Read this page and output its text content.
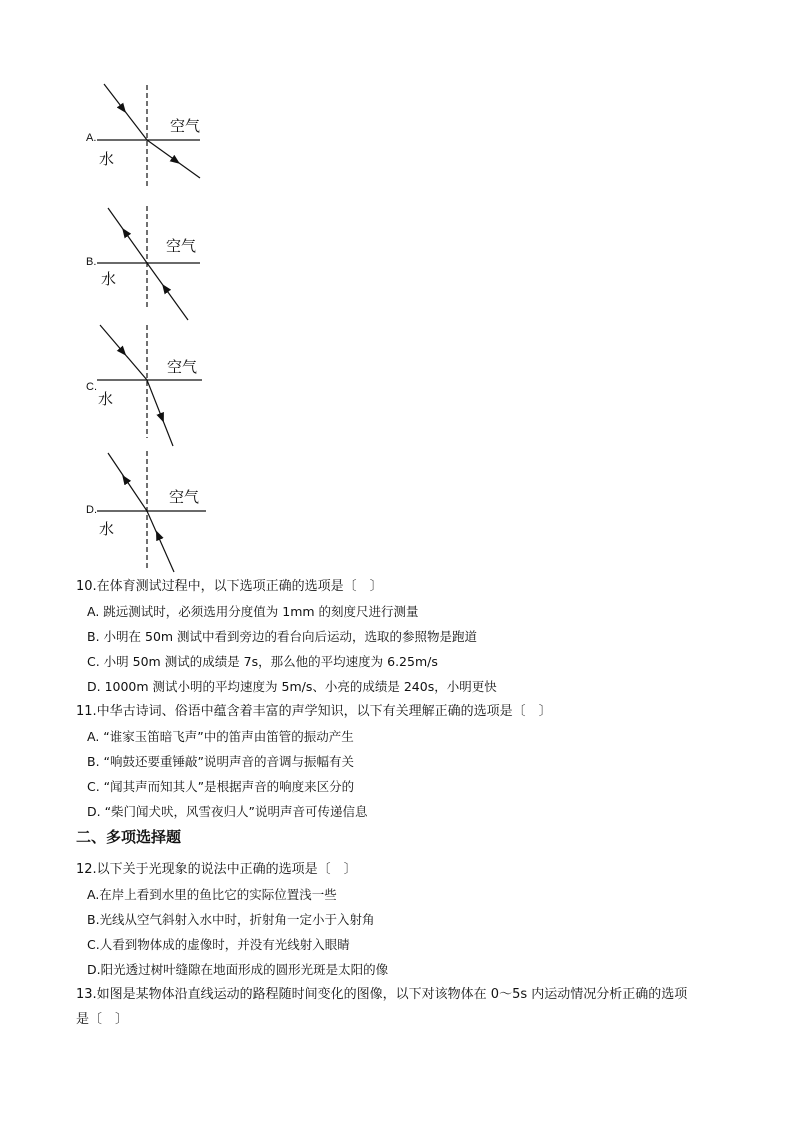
A.
空气
水
B.
空气
水
C.
空气
水
D.
空气
水
10.在体育测试过程中，以下选项正确的选项是〔　〕
A. 跳远测试时，必须选用分度值为 1mm 的刻度尺进行测量
B. 小明在 50m 测试中看到旁边的看台向后运动，选取的参照物是跑道
C. 小明 50m 测试的成绩是 7s，那么他的平均速度为 6.25m/s
D. 1000m 测试小明的平均速度为 5m/s、小亮的成绩是 240s，小明更快
11.中华古诗词、俗语中蕴含着丰富的声学知识，以下有关理解正确的选项是〔　〕
A. “谁家玉笛暗飞声”中的笛声由笛管的振动产生
B. “响鼓还要重锤敲”说明声音的音调与振幅有关
C. “闻其声而知其人”是根据声音的响度来区分的
D. “柴门闻犬吠，风雪夜归人”说明声音可传递信息
二、多项选择题
12.以下关于光现象的说法中正确的选项是〔　〕
A.在岸上看到水里的鱼比它的实际位置浅一些
B.光线从空气斜射入水中时，折射角一定小于入射角
C.人看到物体成的虚像时，并没有光线射入眼睛
D.阳光透过树叶缝隙在地面形成的圆形光斑是太阳的像
13.如图是某物体沿直线运动的路程随时间变化的图像，以下对该物体在 0～5s 内运动情况分析正确的选项
是〔　〕
